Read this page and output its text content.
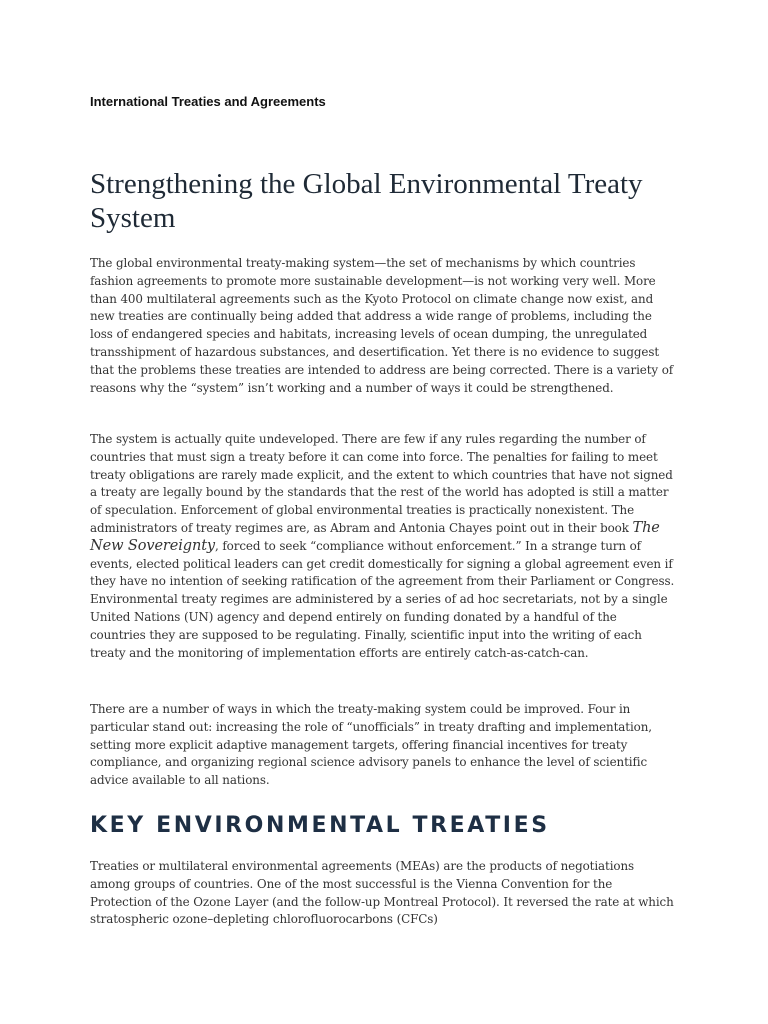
International Treaties and Agreements
Strengthening the Global Environmental Treaty System

The global environmental treaty-making system—the set of mechanisms by which countries fashion agreements to promote more sustainable development—is not working very well. More than 400 multilateral agreements such as the Kyoto Protocol on climate change now exist, and new treaties are continually being added that address a wide range of problems, including the loss of endangered species and habitats, increasing levels of ocean dumping, the unregulated transshipment of hazardous substances, and desertification. Yet there is no evidence to suggest that the problems these treaties are intended to address are being corrected. There is a variety of reasons why the “system” isn’t working and a number of ways it could be strengthened.

The system is actually quite undeveloped. There are few if any rules regarding the number of countries that must sign a treaty before it can come into force. The penalties for failing to meet treaty obligations are rarely made explicit, and the extent to which countries that have not signed a treaty are legally bound by the standards that the rest of the world has adopted is still a matter of speculation. Enforcement of global environmental treaties is practically nonexistent. The administrators of treaty regimes are, as Abram and Antonia Chayes point out in their book The New Sovereignty, forced to seek “compliance without enforcement.” In a strange turn of events, elected political leaders can get credit domestically for signing a global agreement even if they have no intention of seeking ratification of the agreement from their Parliament or Congress. Environmental treaty regimes are administered by a series of ad hoc secretariats, not by a single United Nations (UN) agency and depend entirely on funding donated by a handful of the countries they are supposed to be regulating. Finally, scientific input into the writing of each treaty and the monitoring of implementation efforts are entirely catch-as-catch-can.

There are a number of ways in which the treaty-making system could be improved. Four in particular stand out: increasing the role of “unofficials” in treaty drafting and implementation, setting more explicit adaptive management targets, offering financial incentives for treaty compliance, and organizing regional science advisory panels to enhance the level of scientific advice available to all nations.

KEY ENVIRONMENTAL TREATIES

Treaties or multilateral environmental agreements (MEAs) are the products of negotiations among groups of countries. One of the most successful is the Vienna Convention for the Protection of the Ozone Layer (and the follow-up Montreal Protocol). It reversed the rate at which stratospheric ozone–depleting chlorofluorocarbons (CFCs)
